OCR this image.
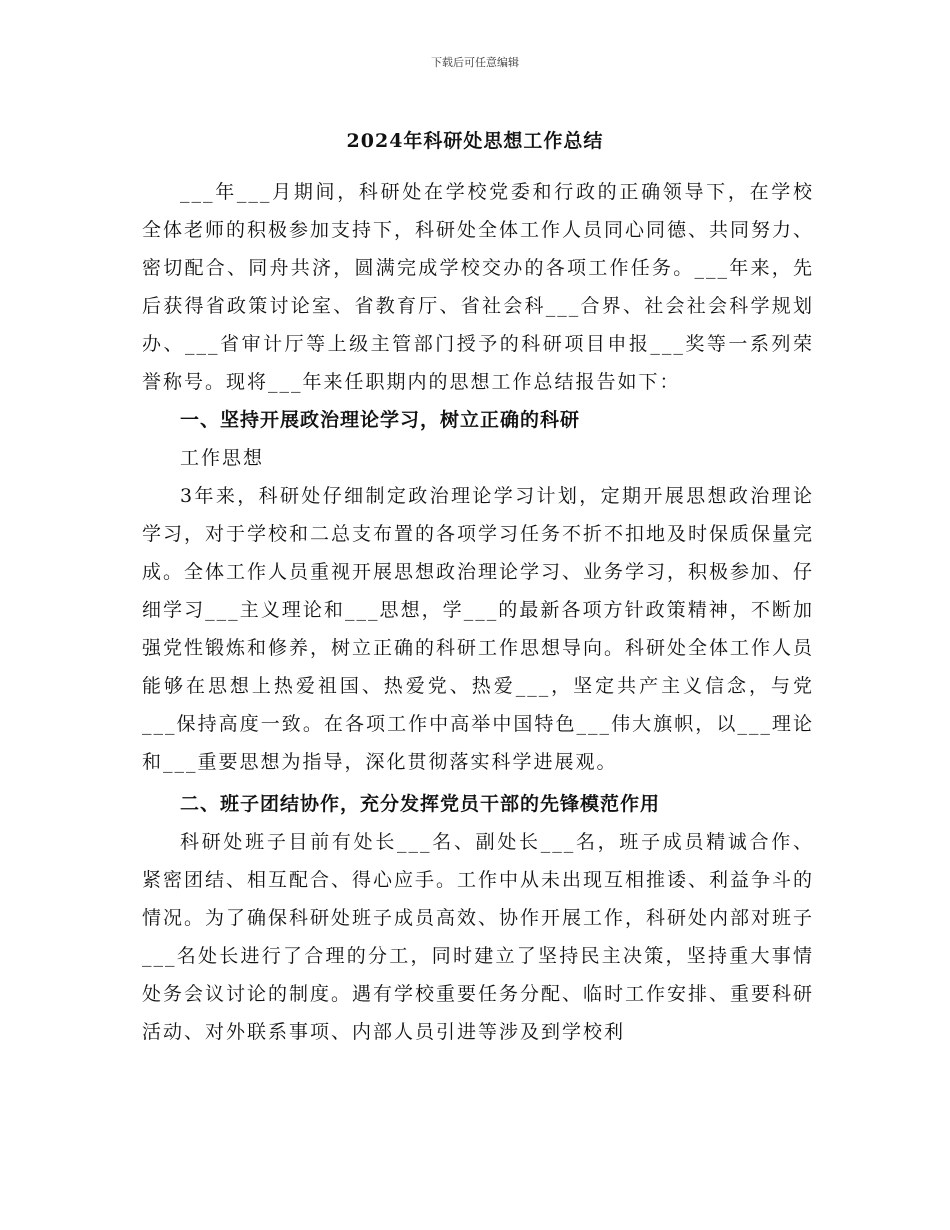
下载后可任意编辑
2024年科研处思想工作总结

___年___月期间，科研处在学校党委和行政的正确领导下，在学校全体老师的积极参加支持下，科研处全体工作人员同心同德、共同努力、密切配合、同舟共济，圆满完成学校交办的各项工作任务。___年来，先后获得省政策讨论室、省教育厅、省社会科___合界、社会社会科学规划办、___省审计厅等上级主管部门授予的科研项目申报___奖等一系列荣誉称号。现将___年来任职期内的思想工作总结报告如下：

一、坚持开展政治理论学习，树立正确的科研

工作思想

3年来，科研处仔细制定政治理论学习计划，定期开展思想政治理论学习，对于学校和二总支布置的各项学习任务不折不扣地及时保质保量完成。全体工作人员重视开展思想政治理论学习、业务学习，积极参加、仔细学习___主义理论和___思想，学___的最新各项方针政策精神，不断加强党性锻炼和修养，树立正确的科研工作思想导向。科研处全体工作人员能够在思想上热爱祖国、热爱党、热爱___，坚定共产主义信念，与党___保持高度一致。在各项工作中高举中国特色___伟大旗帜，以___理论和___重要思想为指导，深化贯彻落实科学进展观。

二、班子团结协作，充分发挥党员干部的先锋模范作用

科研处班子目前有处长___名、副处长___名，班子成员精诚合作、紧密团结、相互配合、得心应手。工作中从未出现互相推诿、利益争斗的情况。为了确保科研处班子成员高效、协作开展工作，科研处内部对班子___名处长进行了合理的分工，同时建立了坚持民主决策，坚持重大事情处务会议讨论的制度。遇有学校重要任务分配、临时工作安排、重要科研活动、对外联系事项、内部人员引进等涉及到学校利
